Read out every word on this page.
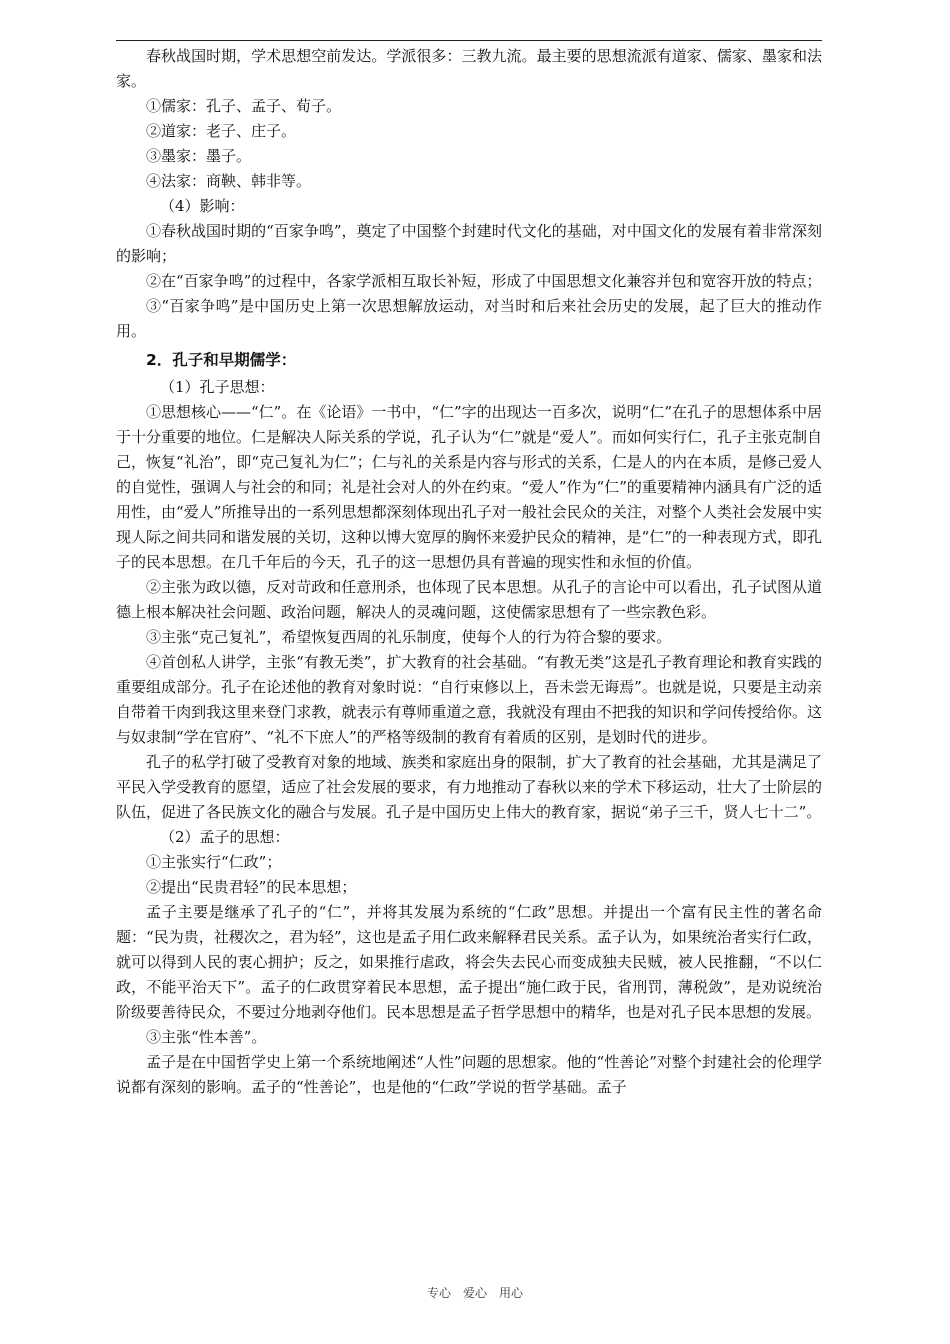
春秋战国时期，学术思想空前发达。学派很多：三教九流。最主要的思想流派有道家、儒家、墨家和法家。

①儒家：孔子、孟子、荀子。

②道家：老子、庄子。

③墨家：墨子。

④法家：商鞅、韩非等。

（4）影响：

①春秋战国时期的“百家争鸣”，奠定了中国整个封建时代文化的基础，对中国文化的发展有着非常深刻的影响；

②在“百家争鸣”的过程中，各家学派相互取长补短，形成了中国思想文化兼容并包和宽容开放的特点；

③“百家争鸣”是中国历史上第一次思想解放运动，对当时和后来社会历史的发展，起了巨大的推动作用。

2．孔子和早期儒学：

（1）孔子思想：

①思想核心——“仁”。在《论语》一书中，“仁”字的出现达一百多次，说明“仁”在孔子的思想体系中居于十分重要的地位。仁是解决人际关系的学说，孔子认为“仁”就是“爱人”。而如何实行仁，孔子主张克制自己，恢复“礼治”，即“克己复礼为仁”；仁与礼的关系是内容与形式的关系，仁是人的内在本质，是修己爱人的自觉性，强调人与社会的和同；礼是社会对人的外在约束。“爱人”作为“仁”的重要精神内涵具有广泛的适用性，由“爱人”所推导出的一系列思想都深刻体现出孔子对一般社会民众的关注，对整个人类社会发展中实现人际之间共同和谐发展的关切，这种以博大宽厚的胸怀来爱护民众的精神，是“仁”的一种表现方式，即孔子的民本思想。在几千年后的今天，孔子的这一思想仍具有普遍的现实性和永恒的价值。

②主张为政以德，反对苛政和任意刑杀，也体现了民本思想。从孔子的言论中可以看出，孔子试图从道德上根本解决社会问题、政治问题，解决人的灵魂问题，这使儒家思想有了一些宗教色彩。

③主张“克己复礼”，希望恢复西周的礼乐制度，使每个人的行为符合黎的要求。

④首创私人讲学，主张“有教无类”，扩大教育的社会基础。“有教无类”这是孔子教育理论和教育实践的重要组成部分。孔子在论述他的教育对象时说：“自行束修以上，吾未尝无诲焉”。也就是说，只要是主动亲自带着干肉到我这里来登门求教，就表示有尊师重道之意，我就没有理由不把我的知识和学问传授给你。这与奴隶制“学在官府”、“礼不下庶人”的严格等级制的教育有着质的区别，是划时代的进步。

孔子的私学打破了受教育对象的地域、族类和家庭出身的限制，扩大了教育的社会基础，尤其是满足了平民入学受教育的愿望，适应了社会发展的要求，有力地推动了春秋以来的学术下移运动，壮大了士阶层的队伍，促进了各民族文化的融合与发展。孔子是中国历史上伟大的教育家，据说“弟子三千，贤人七十二”。

（2）孟子的思想：

①主张实行“仁政”；

②提出“民贵君轻”的民本思想；

孟子主要是继承了孔子的“仁”，并将其发展为系统的“仁政”思想。并提出一个富有民主性的著名命题：“民为贵，社稷次之，君为轻”，这也是孟子用仁政来解释君民关系。孟子认为，如果统治者实行仁政，就可以得到人民的衷心拥护；反之，如果推行虐政，将会失去民心而变成独夫民贼，被人民推翻，“不以仁政，不能平治天下”。孟子的仁政贯穿着民本思想，孟子提出“施仁政于民，省刑罚，薄税敛”，是劝说统治阶级要善待民众，不要过分地剥夺他们。民本思想是孟子哲学思想中的精华，也是对孔子民本思想的发展。

③主张“性本善”。

孟子是在中国哲学史上第一个系统地阐述“人性”问题的思想家。他的“性善论”对整个封建社会的伦理学说都有深刻的影响。孟子的“性善论”，也是他的“仁政”学说的哲学基础。孟子

专心　爱心　用心
